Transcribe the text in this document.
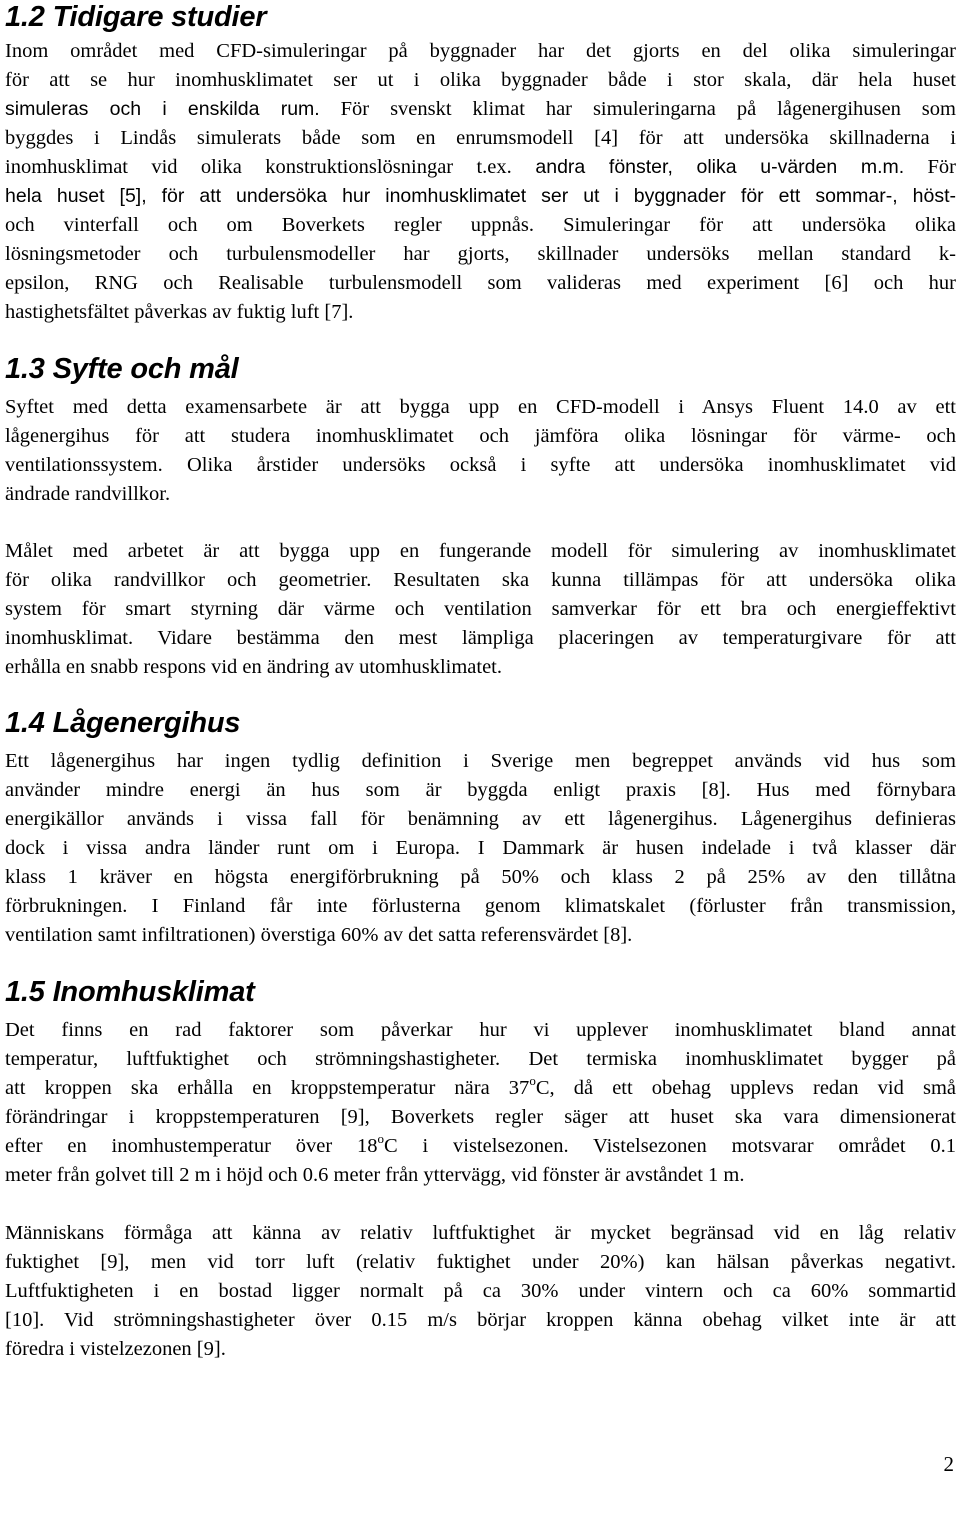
1.2 Tidigare studier

Inom området med CFD-simuleringar på byggnader har det gjorts en del olika simuleringar
för att se hur inomhusklimatet ser ut i olika byggnader både i stor skala, där hela huset
simuleras och i enskilda rum. För svenskt klimat har simuleringarna på lågenergihusen som
byggdes i Lindås simulerats både som en enrumsmodell [4] för att undersöka skillnaderna i
inomhusklimat vid olika konstruktionslösningar t.ex. andra fönster, olika u-värden m.m. För
hela huset [5], för att undersöka hur inomhusklimatet ser ut i byggnader för ett sommar-, höst-
och vinterfall och om Boverkets regler uppnås. Simuleringar för att undersöka olika
lösningsmetoder och turbulensmodeller har gjorts, skillnader undersöks mellan standard k-
epsilon, RNG och Realisable turbulensmodell som valideras med experiment [6] och hur
hastighetsfältet påverkas av fuktig luft [7].

1.3 Syfte och mål

Syftet med detta examensarbete är att bygga upp en CFD-modell i Ansys Fluent 14.0 av ett
lågenergihus för att studera inomhusklimatet och jämföra olika lösningar för värme- och
ventilationssystem. Olika årstider undersöks också i syfte att undersöka inomhusklimatet vid
ändrade randvillkor.

Målet med arbetet är att bygga upp en fungerande modell för simulering av inomhusklimatet
för olika randvillkor och geometrier. Resultaten ska kunna tillämpas för att undersöka olika
system för smart styrning där värme och ventilation samverkar för ett bra och energieffektivt
inomhusklimat. Vidare bestämma den mest lämpliga placeringen av temperaturgivare för att
erhålla en snabb respons vid en ändring av utomhusklimatet.

1.4 Lågenergihus

Ett lågenergihus har ingen tydlig definition i Sverige men begreppet används vid hus som
använder mindre energi än hus som är byggda enligt praxis [8]. Hus med förnybara
energikällor används i vissa fall för benämning av ett lågenergihus. Lågenergihus definieras
dock i vissa andra länder runt om i Europa. I Dammark är husen indelade i två klasser där
klass 1 kräver en högsta energiförbrukning på 50% och klass 2 på 25% av den tillåtna
förbrukningen. I Finland får inte förlusterna genom klimatskalet (förluster från transmission,
ventilation samt infiltrationen) överstiga 60% av det satta referensvärdet [8].

1.5 Inomhusklimat

Det finns en rad faktorer som påverkar hur vi upplever inomhusklimatet bland annat
temperatur, luftfuktighet och strömningshastigheter. Det termiska inomhusklimatet bygger på
att kroppen ska erhålla en kroppstemperatur nära 37$^o$C, då ett obehag upplevs redan vid små
förändringar i kroppstemperaturen [9], Boverkets regler säger att huset ska vara dimensionerat
efter en inomhustemperatur över 18$^o$C i vistelsezonen. Vistelsezonen motsvarar området 0.1
meter från golvet till 2 m i höjd och 0.6 meter från yttervägg, vid fönster är avståndet 1 m.

Människans förmåga att känna av relativ luftfuktighet är mycket begränsad vid en låg relativ
fuktighet [9], men vid torr luft (relativ fuktighet under 20%) kan hälsan påverkas negativt.
Luftfuktigheten i en bostad ligger normalt på ca 30% under vintern och ca 60% sommartid
[10]. Vid strömningshastigheter över 0.15 m/s börjar kroppen känna obehag vilket inte är att
föredra i vistelzezonen [9].

2
